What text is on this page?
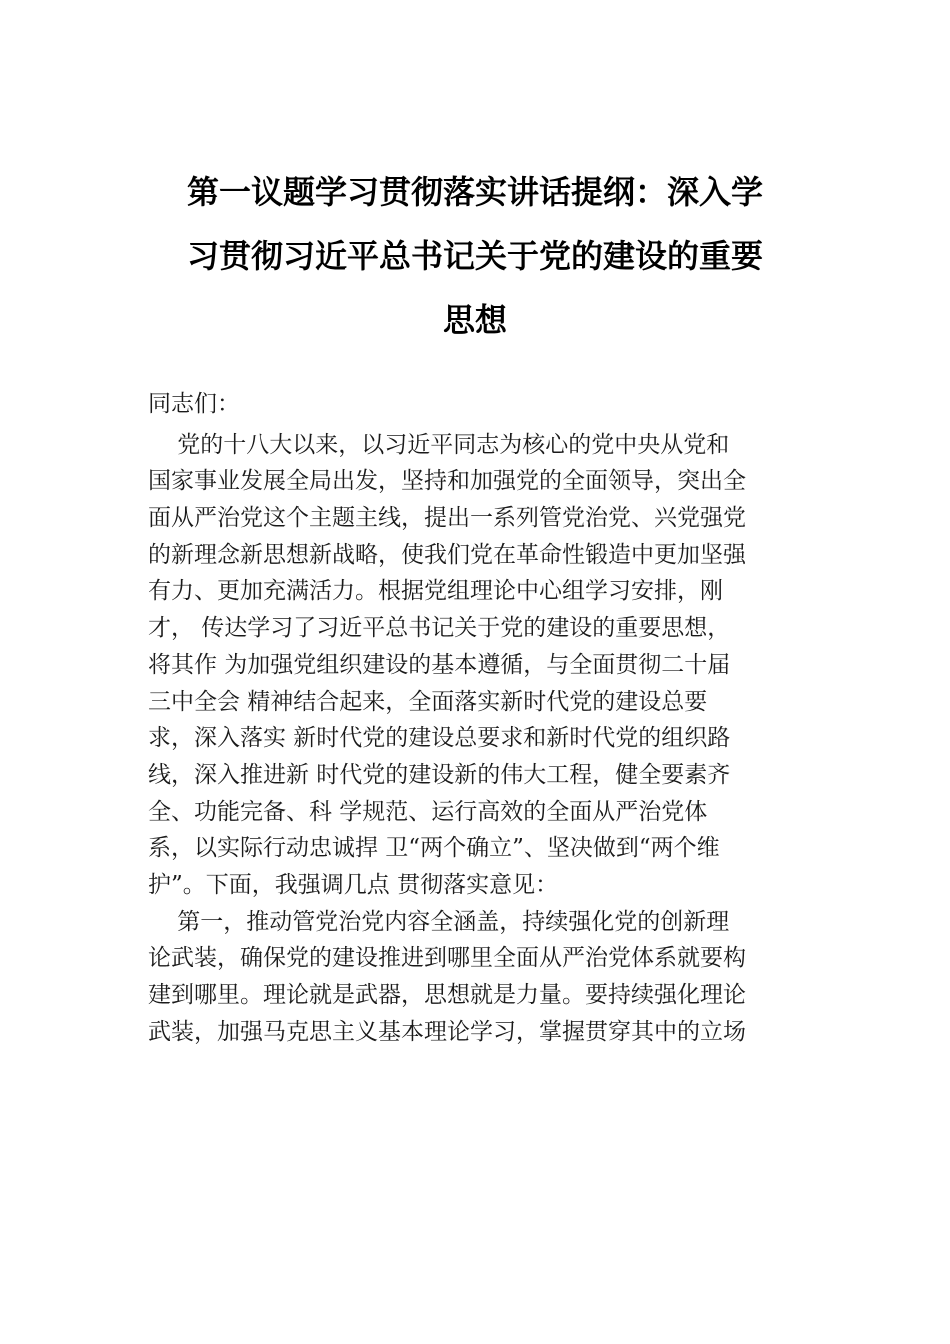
第一议题学习贯彻落实讲话提纲：深入学
习贯彻习近平总书记关于党的建设的重要
思想
同志们：
党的十八大以来，以习近平同志为核心的党中央从党和
国家事业发展全局出发，坚持和加强党的全面领导，突出全
面从严治党这个主题主线，提出一系列管党治党、兴党强党
的新理念新思想新战略，使我们党在革命性锻造中更加坚强
有力、更加充满活力。根据党组理论中心组学习安排，刚
才， 传达学习了习近平总书记关于党的建设的重要思想，
将其作 为加强党组织建设的基本遵循，与全面贯彻二十届
三中全会 精神结合起来，全面落实新时代党的建设总要
求，深入落实 新时代党的建设总要求和新时代党的组织路
线，深入推进新 时代党的建设新的伟大工程，健全要素齐
全、功能完备、科 学规范、运行高效的全面从严治党体
系，以实际行动忠诚捍 卫“两个确立”、坚决做到“两个维
护”。下面，我强调几点 贯彻落实意见：
第一，推动管党治党内容全涵盖，持续强化党的创新理
论武装，确保党的建设推进到哪里全面从严治党体系就要构
建到哪里。理论就是武器，思想就是力量。要持续强化理论
武装，加强马克思主义基本理论学习，掌握贯穿其中的立场
